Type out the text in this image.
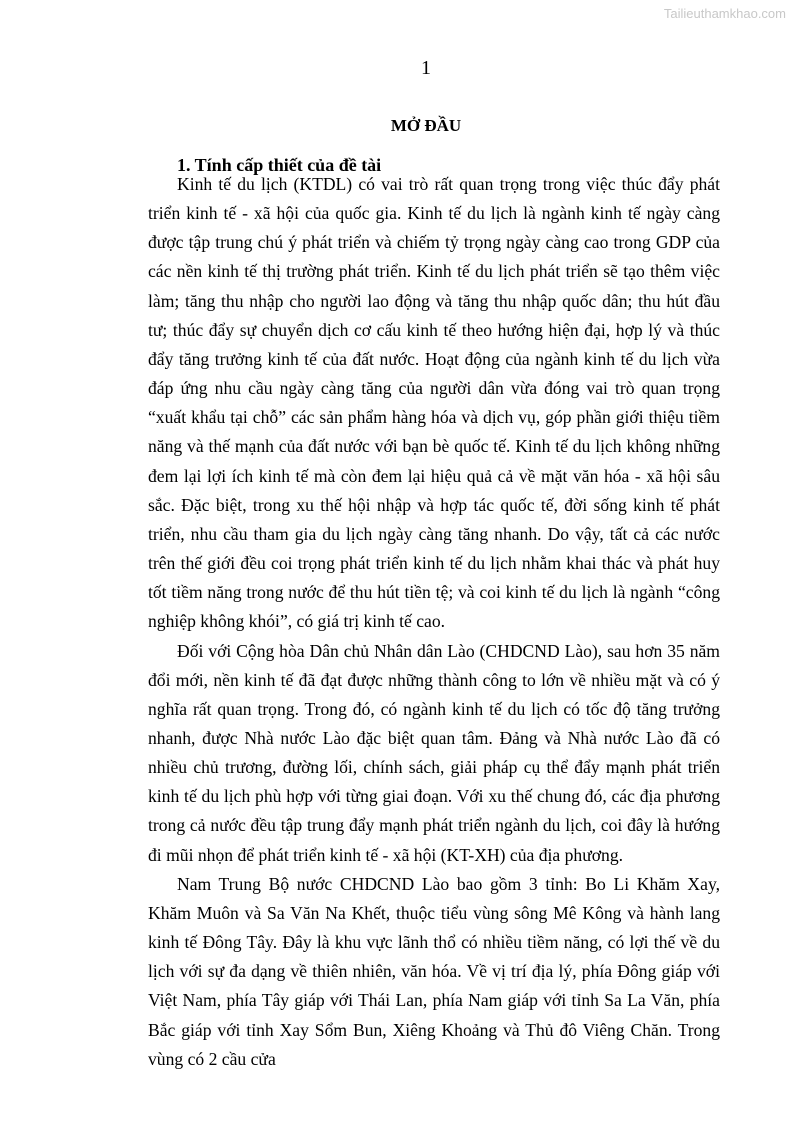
Tailieuthamkhao.com
1
MỞ ĐẦU
1. Tính cấp thiết của đề tài

Kinh tế du lịch (KTDL) có vai trò rất quan trọng trong việc thúc đẩy phát triển kinh tế - xã hội của quốc gia. Kinh tế du lịch là ngành kinh tế ngày càng được tập trung chú ý phát triển và chiếm tỷ trọng ngày càng cao trong GDP của các nền kinh tế thị trường phát triển. Kinh tế du lịch phát triển sẽ tạo thêm việc làm; tăng thu nhập cho người lao động và tăng thu nhập quốc dân; thu hút đầu tư; thúc đẩy sự chuyển dịch cơ cấu kinh tế theo hướng hiện đại, hợp lý và thúc đẩy tăng trưởng kinh tế của đất nước. Hoạt động của ngành kinh tế du lịch vừa đáp ứng nhu cầu ngày càng tăng của người dân vừa đóng vai trò quan trọng “xuất khẩu tại chỗ” các sản phẩm hàng hóa và dịch vụ, góp phần giới thiệu tiềm năng và thế mạnh của đất nước với bạn bè quốc tế. Kinh tế du lịch không những đem lại lợi ích kinh tế mà còn đem lại hiệu quả cả về mặt văn hóa - xã hội sâu sắc. Đặc biệt, trong xu thế hội nhập và hợp tác quốc tế, đời sống kinh tế phát triển, nhu cầu tham gia du lịch ngày càng tăng nhanh. Do vậy, tất cả các nước trên thế giới đều coi trọng phát triển kinh tế du lịch nhằm khai thác và phát huy tốt tiềm năng trong nước để thu hút tiền tệ; và coi kinh tế du lịch là ngành “công nghiệp không khói”, có giá trị kinh tế cao.

Đối với Cộng hòa Dân chủ Nhân dân Lào (CHDCND Lào), sau hơn 35 năm đổi mới, nền kinh tế đã đạt được những thành công to lớn về nhiều mặt và có ý nghĩa rất quan trọng. Trong đó, có ngành kinh tế du lịch có tốc độ tăng trưởng nhanh, được Nhà nước Lào đặc biệt quan tâm. Đảng và Nhà nước Lào đã có nhiều chủ trương, đường lối, chính sách, giải pháp cụ thể đẩy mạnh phát triển kinh tế du lịch phù hợp với từng giai đoạn. Với xu thế chung đó, các địa phương trong cả nước đều tập trung đẩy mạnh phát triển ngành du lịch, coi đây là hướng đi mũi nhọn để phát triển kinh tế - xã hội (KT-XH) của địa phương.

Nam Trung Bộ nước CHDCND Lào bao gồm 3 tỉnh: Bo Li Khăm Xay, Khăm Muôn và Sa Văn Na Khết, thuộc tiểu vùng sông Mê Kông và hành lang kinh tế Đông Tây. Đây là khu vực lãnh thổ có nhiều tiềm năng, có lợi thế về du lịch với sự đa dạng về thiên nhiên, văn hóa. Về vị trí địa lý, phía Đông giáp với Việt Nam, phía Tây giáp với Thái Lan, phía Nam giáp với tỉnh Sa La Văn, phía Bắc giáp với tỉnh Xay Sổm Bun, Xiêng Khoảng và Thủ đô Viêng Chăn. Trong vùng có 2 cầu cửa
